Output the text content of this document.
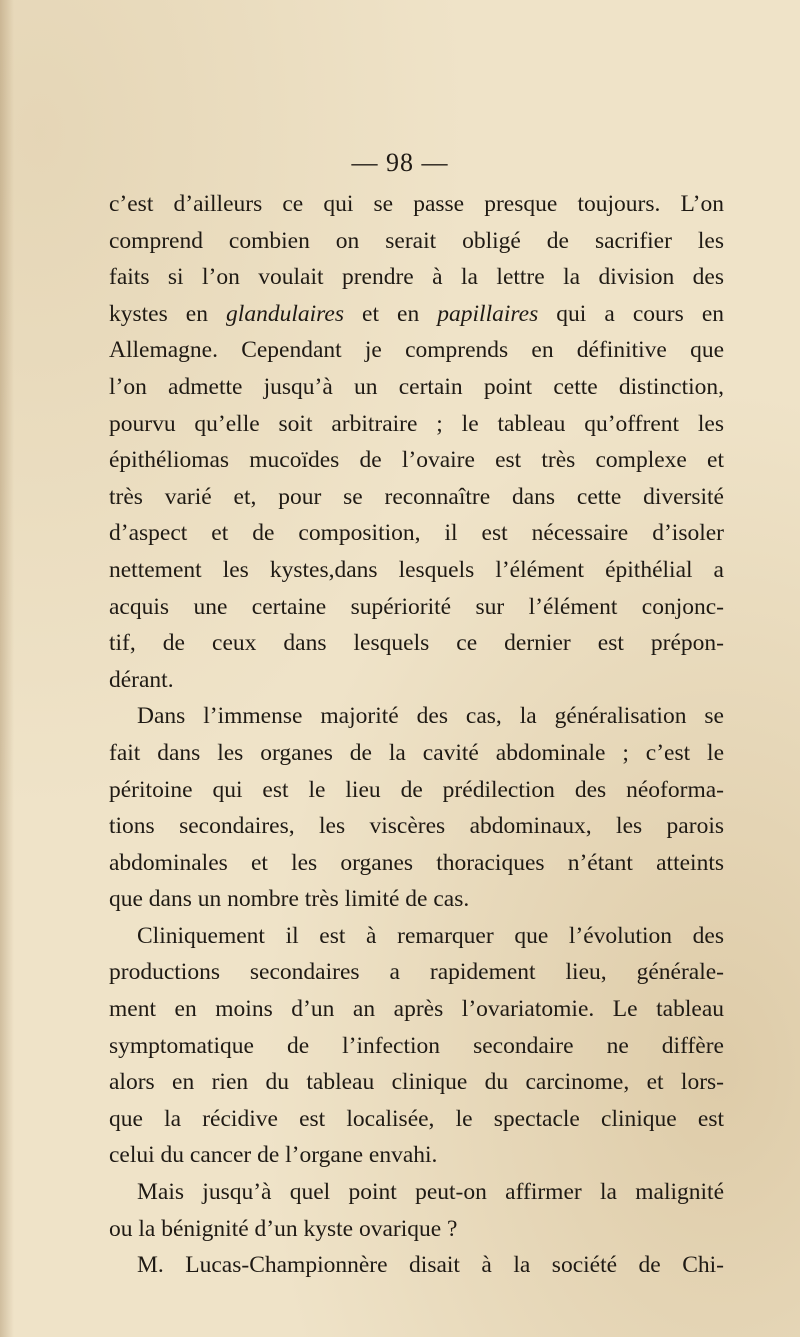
— 98 —
c’est d’ailleurs ce qui se passe presque toujours. L’on
comprend combien on serait obligé de sacrifier les
faits si l’on voulait prendre à la lettre la division des
kystes en glandulaires et en papillaires qui a cours en
Allemagne. Cependant je comprends en définitive que
l’on admette jusqu’à un certain point cette distinction,
pourvu qu’elle soit arbitraire ; le tableau qu’offrent les
épithéliomas mucoïdes de l’ovaire est très complexe et
très varié et, pour se reconnaître dans cette diversité
d’aspect et de composition, il est nécessaire d’isoler
nettement les kystes,dans lesquels l’élément épithélial a
acquis une certaine supériorité sur l’élément conjonc-
tif, de ceux dans lesquels ce dernier est prépon-
dérant.
Dans l’immense majorité des cas, la généralisation se
fait dans les organes de la cavité abdominale ; c’est le
péritoine qui est le lieu de prédilection des néoforma-
tions secondaires, les viscères abdominaux, les parois
abdominales et les organes thoraciques n’étant atteints
que dans un nombre très limité de cas.
Cliniquement il est à remarquer que l’évolution des
productions secondaires a rapidement lieu, générale-
ment en moins d’un an après l’ovariatomie. Le tableau
symptomatique de l’infection secondaire ne diffère
alors en rien du tableau clinique du carcinome, et lors-
que la récidive est localisée, le spectacle clinique est
celui du cancer de l’organe envahi.
Mais jusqu’à quel point peut-on affirmer la malignité
ou la bénignité d’un kyste ovarique ?
M. Lucas-Championnère disait à la société de Chi-
